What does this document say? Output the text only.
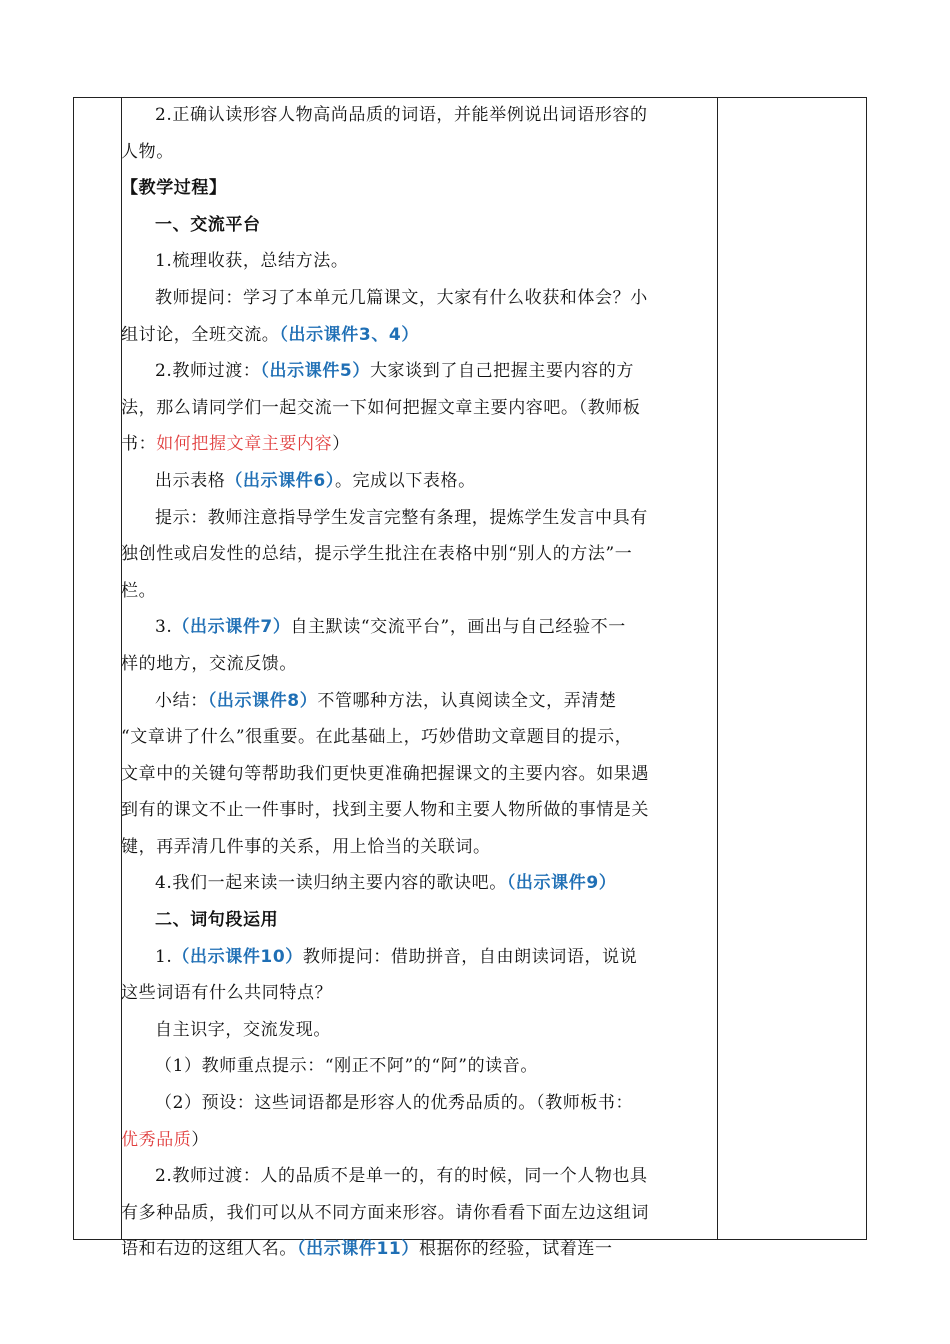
2.正确认读形容人物高尚品质的词语，并能举例说出词语形容的

人物。

【教学过程】

一、交流平台

1.梳理收获，总结方法。

教师提问：学习了本单元几篇课文，大家有什么收获和体会？小

组讨论，全班交流。（出示课件3、4）

2.教师过渡：（出示课件5）大家谈到了自己把握主要内容的方

法，那么请同学们一起交流一下如何把握文章主要内容吧。（教师板

书：如何把握文章主要内容）

出示表格（出示课件6）。完成以下表格。

提示：教师注意指导学生发言完整有条理，提炼学生发言中具有

独创性或启发性的总结，提示学生批注在表格中别“别人的方法”一

栏。

3.（出示课件7）自主默读“交流平台”，画出与自己经验不一

样的地方，交流反馈。

小结：（出示课件8）不管哪种方法，认真阅读全文，弄清楚

“文章讲了什么”很重要。在此基础上，巧妙借助文章题目的提示，

文章中的关键句等帮助我们更快更准确把握课文的主要内容。如果遇

到有的课文不止一件事时，找到主要人物和主要人物所做的事情是关

键，再弄清几件事的关系，用上恰当的关联词。

4.我们一起来读一读归纳主要内容的歌诀吧。（出示课件9）

二、词句段运用

1.（出示课件10）教师提问：借助拼音，自由朗读词语，说说

这些词语有什么共同特点？

自主识字，交流发现。

（1）教师重点提示：“刚正不阿”的“阿”的读音。

（2）预设：这些词语都是形容人的优秀品质的。（教师板书：

优秀品质）

2.教师过渡：人的品质不是单一的，有的时候，同一个人物也具

有多种品质，我们可以从不同方面来形容。请你看看下面左边这组词

语和右边的这组人名。（出示课件11）根据你的经验，试着连一
